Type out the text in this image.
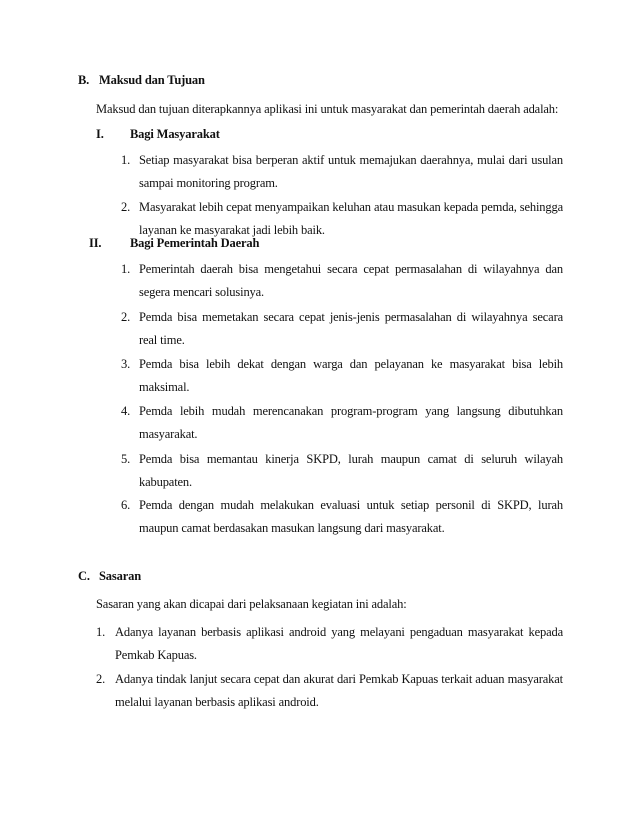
B. Maksud dan Tujuan
Maksud dan tujuan diterapkannya aplikasi ini untuk masyarakat dan pemerintah daerah adalah:
I. Bagi Masyarakat
1. Setiap masyarakat bisa berperan aktif untuk memajukan daerahnya, mulai dari usulan sampai monitoring program.
2. Masyarakat lebih cepat menyampaikan keluhan atau masukan kepada pemda, sehingga layanan ke masyarakat jadi lebih baik.
II. Bagi Pemerintah Daerah
1. Pemerintah daerah bisa mengetahui secara cepat permasalahan di wilayahnya dan segera mencari solusinya.
2. Pemda bisa memetakan secara cepat jenis-jenis permasalahan di wilayahnya secara real time.
3. Pemda bisa lebih dekat dengan warga dan pelayanan ke masyarakat bisa lebih maksimal.
4. Pemda lebih mudah merencanakan program-program yang langsung dibutuhkan masyarakat.
5. Pemda bisa memantau kinerja SKPD, lurah maupun camat di seluruh wilayah kabupaten.
6. Pemda dengan mudah melakukan evaluasi untuk setiap personil di SKPD, lurah maupun camat berdasakan masukan langsung dari masyarakat.
C. Sasaran
Sasaran yang akan dicapai dari pelaksanaan kegiatan ini adalah:
1. Adanya layanan berbasis aplikasi android yang melayani pengaduan masyarakat kepada Pemkab Kapuas.
2. Adanya tindak lanjut secara cepat dan akurat dari Pemkab Kapuas terkait aduan masyarakat melalui layanan berbasis aplikasi android.
